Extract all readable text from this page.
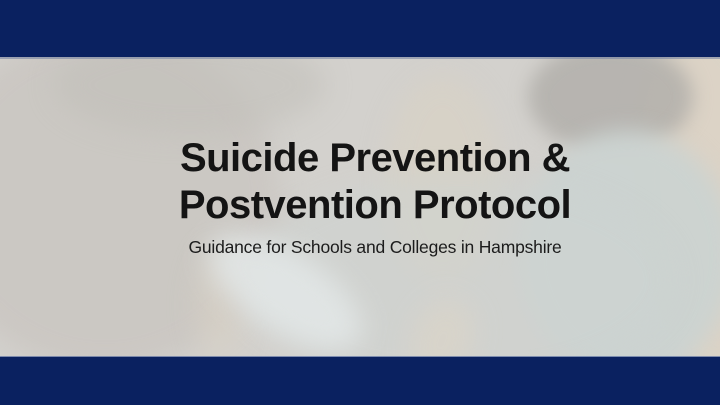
Suicide Prevention &
Postvention Protocol

Guidance for Schools and Colleges in Hampshire
